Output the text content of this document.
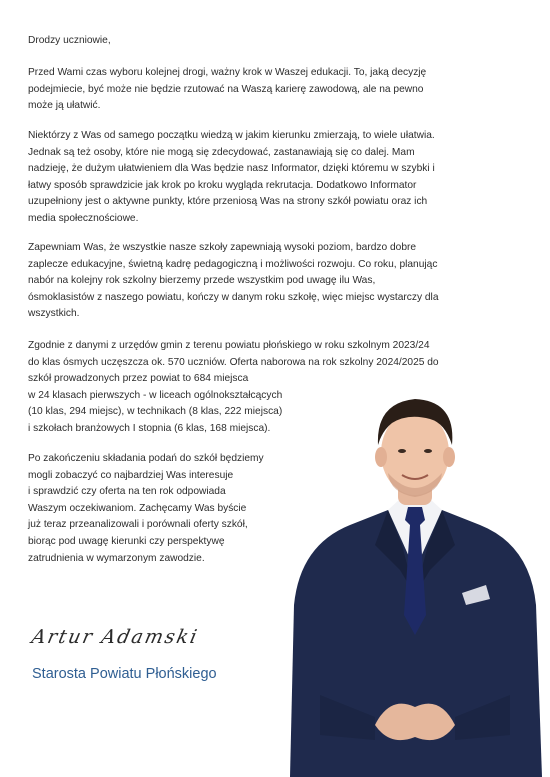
Drodzy uczniowie,
Przed Wami czas wyboru kolejnej drogi, ważny krok w Waszej edukacji. To, jaką decyzję
podejmiecie, być może nie będzie rzutować na Waszą karierę zawodową, ale na pewno
może ją ułatwić.
Niektórzy z Was od samego początku wiedzą w jakim kierunku zmierzają, to wiele ułatwia.
Jednak są też osoby, które nie mogą się zdecydować, zastanawiają się co dalej. Mam
nadzieję, że dużym ułatwieniem dla Was będzie nasz Informator, dzięki któremu w szybki i
łatwy sposób sprawdzicie jak krok po kroku wygląda rekrutacja. Dodatkowo Informator
uzupełniony jest o aktywne punkty, które przeniosą Was na strony szkół powiatu oraz ich
media społecznościowe.
Zapewniam Was, że wszystkie nasze szkoły zapewniają wysoki poziom, bardzo dobre
zaplecze edukacyjne, świetną kadrę pedagogiczną i możliwości rozwoju. Co roku, planując
nabór na kolejny rok szkolny bierzemy przede wszystkim pod uwagę ilu Was,
ósmoklasistów z naszego powiatu, kończy w danym roku szkołę, więc miejsc wystarczy dla
wszystkich.
Zgodnie z danymi z urzędów gmin z terenu powiatu płońskiego w roku szkolnym 2023/24
do klas ósmych uczęszcza ok. 570 uczniów. Oferta naborowa na rok szkolny 2024/2025 do
szkół prowadzonych przez powiat to 684 miejsca
w 24 klasach pierwszych - w liceach ogólnokształcących
(10 klas, 294 miejsc), w technikach (8 klas, 222 miejsca)
i szkołach branżowych I stopnia (6 klas, 168 miejsca).
Po zakończeniu składania podań do szkół będziemy
mogli zobaczyć co najbardziej Was interesuje
i sprawdzić czy oferta na ten rok odpowiada
Waszym oczekiwaniom. Zachęcamy Was byście
już teraz przeanalizowali i porównali oferty szkół,
biorąc pod uwagę kierunki czy perspektywę
zatrudnienia w wymarzonym zawodzie.
Artur Adamski
Starosta Powiatu Płońskiego
